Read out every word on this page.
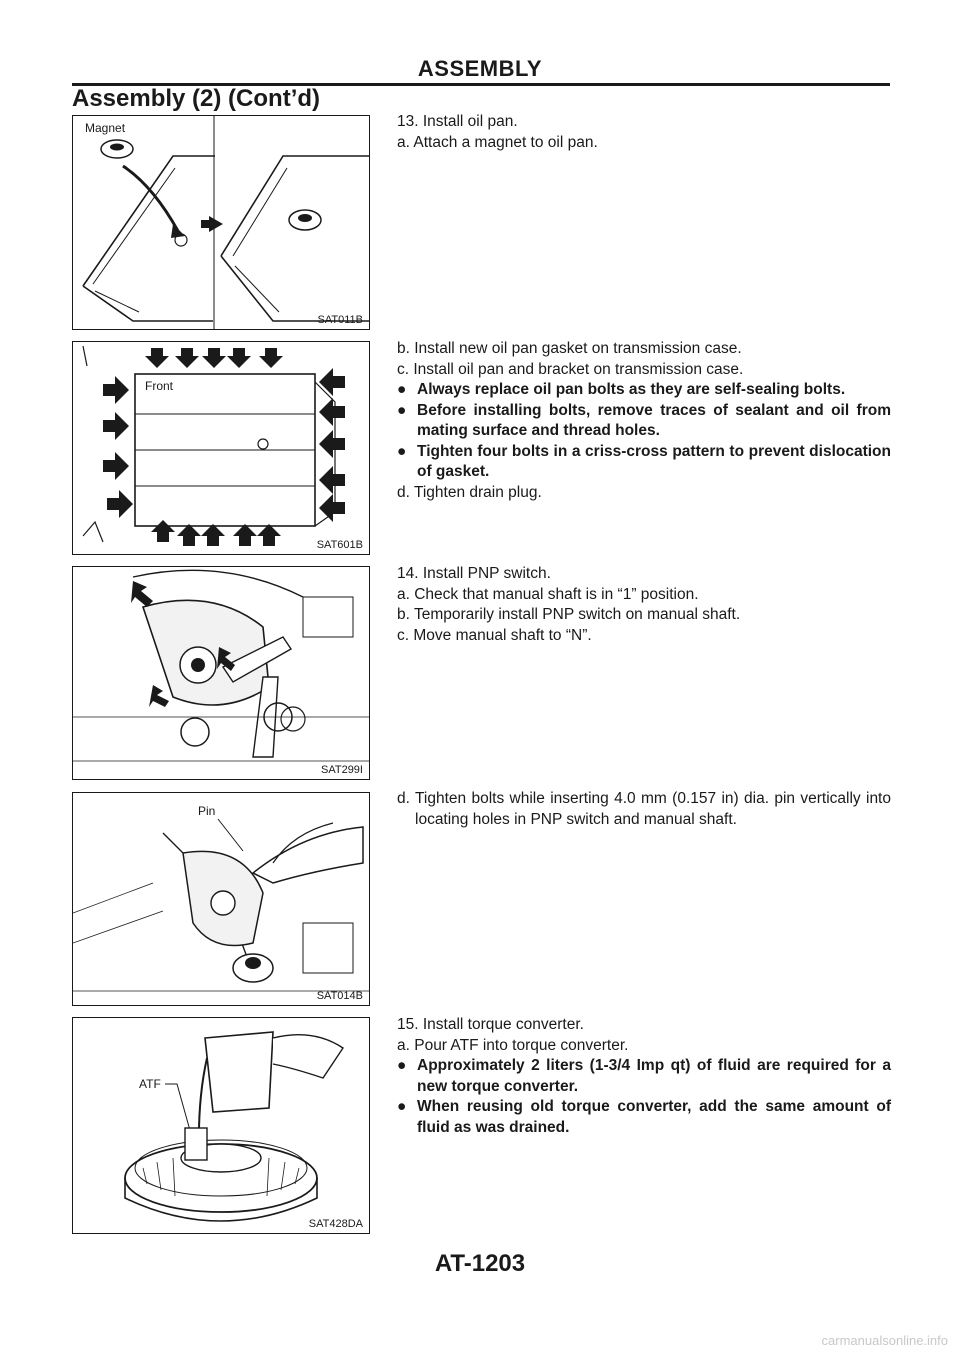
ASSEMBLY
Assembly (2) (Cont’d)
Magnet
SAT011B
Front
SAT601B
SAT299I
Pin
SAT014B
ATF
SAT428DA

13. Install oil pan.

a. Attach a magnet to oil pan.

b. Install new oil pan gasket on transmission case.

c. Install oil pan and bracket on transmission case.

● Always replace oil pan bolts as they are self-sealing bolts.
● Before installing bolts, remove traces of sealant and oil from mating surface and thread holes.
● Tighten four bolts in a criss-cross pattern to prevent dislocation of gasket.

d. Tighten drain plug.

14. Install PNP switch.

a. Check that manual shaft is in “1” position.

b. Temporarily install PNP switch on manual shaft.

c. Move manual shaft to “N”.

d. Tighten bolts while inserting 4.0 mm (0.157 in) dia. pin vertically into locating holes in PNP switch and manual shaft.

15. Install torque converter.

a. Pour ATF into torque converter.

● Approximately 2 liters (1-3/4 Imp qt) of fluid are required for a new torque converter.
● When reusing old torque converter, add the same amount of fluid as was drained.
AT-1203
carmanualsonline.info
